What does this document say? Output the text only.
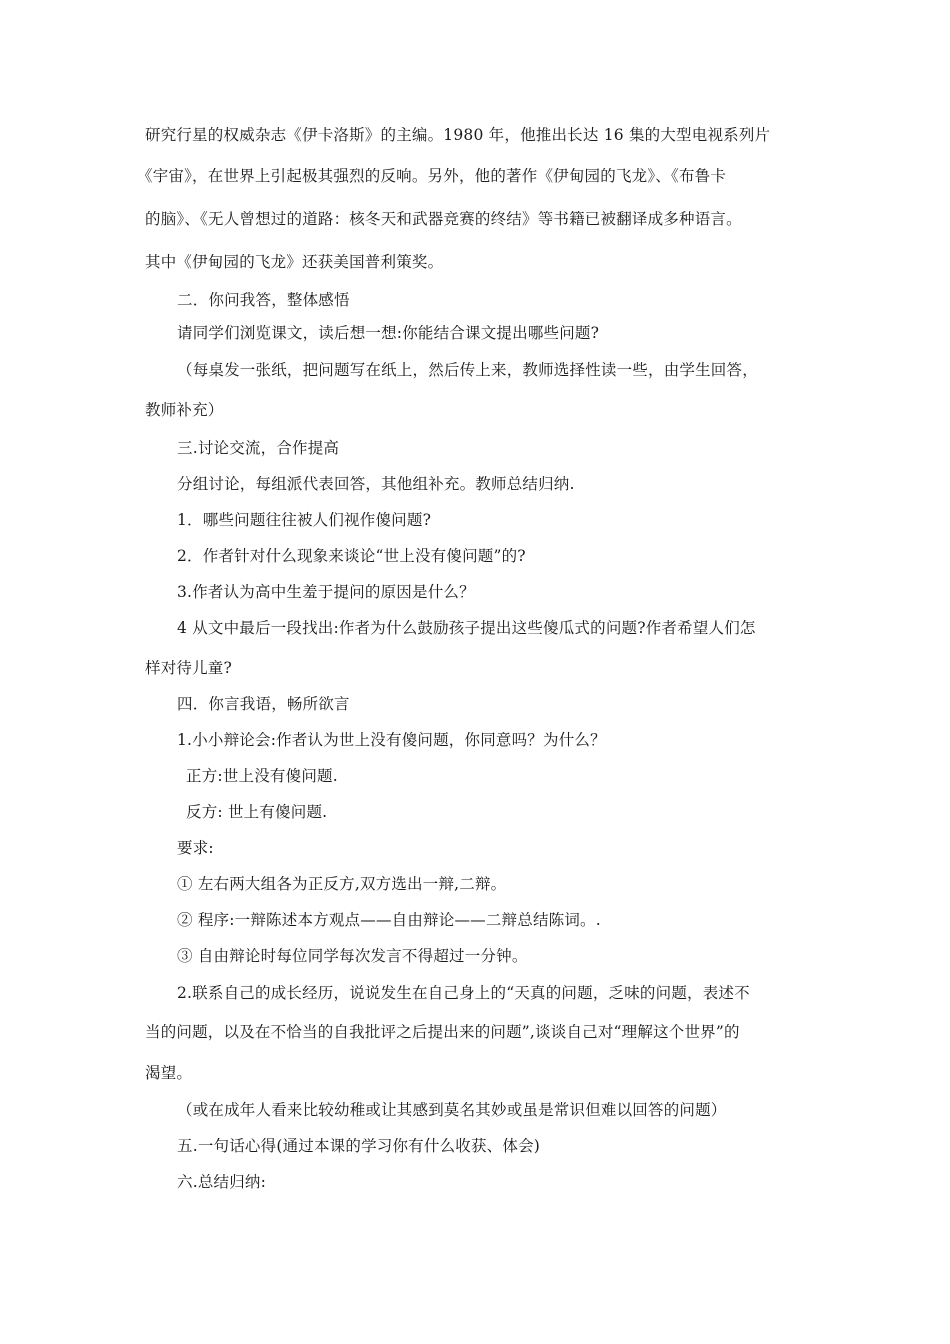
研究行星的权威杂志《伊卡洛斯》的主编。1980 年，他推出长达 16 集的大型电视系列片
《宇宙》，在世界上引起极其强烈的反响。另外，他的著作《伊甸园的飞龙》、《布鲁卡
的脑》、《无人曾想过的道路：核冬天和武器竞赛的终结》等书籍已被翻译成多种语言。
其中《伊甸园的飞龙》还获美国普利策奖。
二．你问我答，整体感悟
请同学们浏览课文，读后想一想:你能结合课文提出哪些问题?
（每桌发一张纸，把问题写在纸上，然后传上来，教师选择性读一些，由学生回答，
教师补充）
三.讨论交流，合作提高
分组讨论，每组派代表回答，其他组补充。教师总结归纳.
1．哪些问题往往被人们视作傻问题?
2．作者针对什么现象来谈论“世上没有傻问题”的?
3.作者认为高中生羞于提问的原因是什么？
4 从文中最后一段找出:作者为什么鼓励孩子提出这些傻瓜式的问题?作者希望人们怎
样对待儿童?
四．你言我语，畅所欲言
1.小小辩论会:作者认为世上没有傻问题，你同意吗？为什么？
正方:世上没有傻问题.
反方: 世上有傻问题.
要求:
① 左右两大组各为正反方,双方选出一辩,二辩。
② 程序:一辩陈述本方观点——自由辩论——二辩总结陈词。.
③ 自由辩论时每位同学每次发言不得超过一分钟。
2.联系自己的成长经历，说说发生在自己身上的“天真的问题，乏味的问题，表述不
当的问题，以及在不恰当的自我批评之后提出来的问题”,谈谈自己对“理解这个世界”的
渴望。
（或在成年人看来比较幼稚或让其感到莫名其妙或虽是常识但难以回答的问题）
五.一句话心得(通过本课的学习你有什么收获、体会)
六.总结归纳:
